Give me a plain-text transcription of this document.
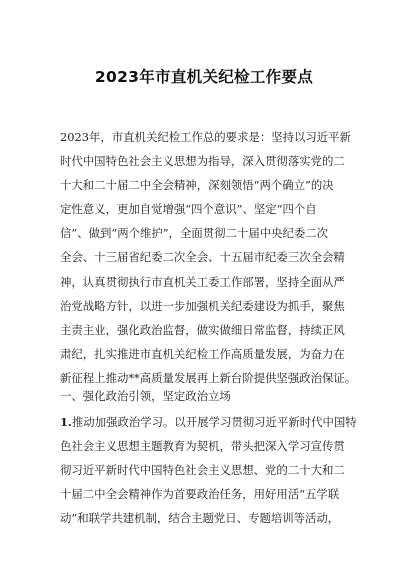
2023年市直机关纪检工作要点
2023年，市直机关纪检工作总的要求是：坚持以习近平新
时代中国特色社会主义思想为指导，深入贯彻落实党的二
十大和二十届二中全会精神，深刻领悟“两个确立”的决
定性意义，更加自觉增强“四个意识”、坚定“四个自
信”、做到“两个维护”，全面贯彻二十届中央纪委二次
全会、十三届省纪委二次全会、十五届市纪委三次全会精
神，认真贯彻执行市直机关工委工作部署，坚持全面从严
治党战略方针，以进一步加强机关纪委建设为抓手，聚焦
主责主业，强化政治监督，做实做细日常监督，持续正风
肃纪，扎实推进市直机关纪检工作高质量发展，为奋力在
新征程上推动**高质量发展再上新台阶提供坚强政治保证。
一、强化政治引领，坚定政治立场
1.推动加强政治学习。以开展学习贯彻习近平新时代中国特
色社会主义思想主题教育为契机，带头把深入学习宣传贯
彻习近平新时代中国特色社会主义思想、党的二十大和二
十届二中全会精神作为首要政治任务，用好用活“五学联
动”和联学共建机制，结合主题党日、专题培训等活动，
